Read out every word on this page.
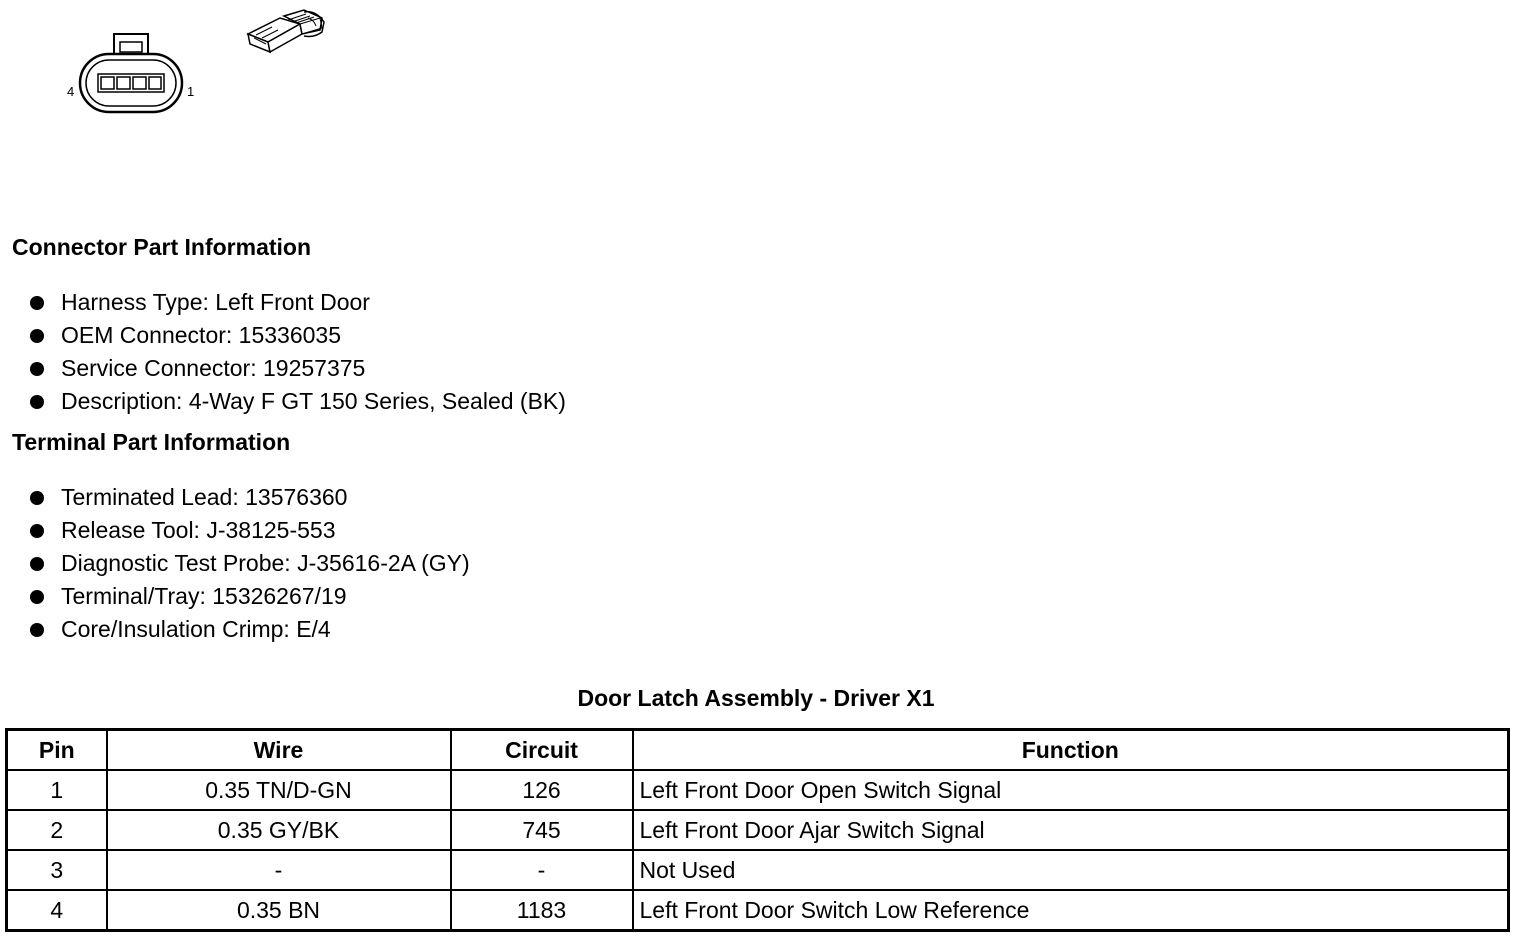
4	1
Connector Part Information
Harness Type: Left Front Door
OEM Connector: 15336035
Service Connector: 19257375
Description: 4-Way F GT 150 Series, Sealed (BK)
Terminal Part Information
Terminated Lead: 13576360
Release Tool: J-38125-553
Diagnostic Test Probe: J-35616-2A (GY)
Terminal/Tray: 15326267/19
Core/Insulation Crimp: E/4
Door Latch Assembly - Driver X1
Pin	Wire	Circuit	Function
1	0.35 TN/D-GN	126	Left Front Door Open Switch Signal
2	0.35 GY/BK	745	Left Front Door Ajar Switch Signal
3	-	-	Not Used
4	0.35 BN	1183	Left Front Door Switch Low Reference
